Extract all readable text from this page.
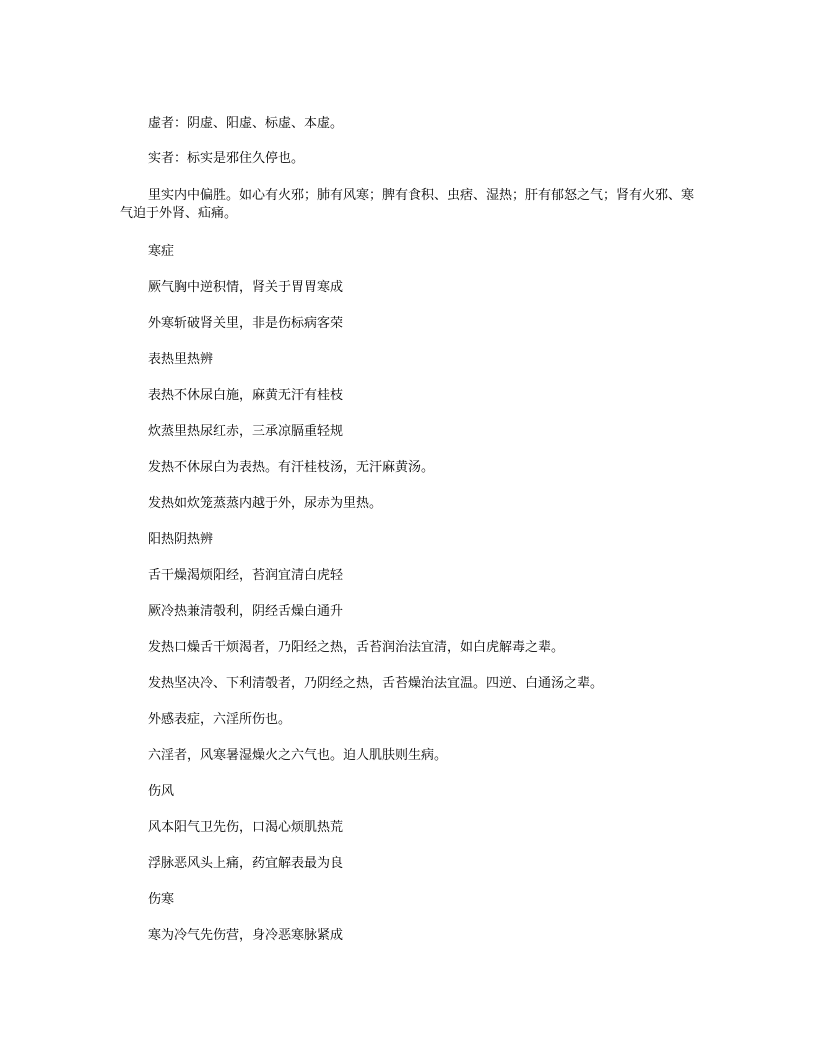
虚者：阴虚、阳虚、标虚、本虚。

实者：标实是邪住久停也。

里实内中偏胜。如心有火邪；肺有风寒；脾有食积、虫痞、湿热；肝有郁怒之气；肾有火邪、寒气迫于外肾、疝痛。

寒症

厥气胸中逆积情，肾关于胃胃寒成

外寒斩破肾关里，非是伤标病客荣

表热里热辨

表热不休尿白施，麻黄无汗有桂枝

炊蒸里热尿红赤，三承凉膈重轻规

发热不休尿白为表热。有汗桂枝汤，无汗麻黄汤。

发热如炊笼蒸蒸内越于外，尿赤为里热。

阳热阴热辨

舌干燥渴烦阳经，苔润宜清白虎轻

厥冷热兼清彀利，阴经舌燥白通升

发热口燥舌干烦渴者，乃阳经之热，舌苔润治法宜清，如白虎解毒之辈。

发热坚决冷、下利清彀者，乃阴经之热，舌苔燥治法宜温。四逆、白通汤之辈。

外感表症，六淫所伤也。

六淫者，风寒暑湿燥火之六气也。迫人肌肤则生病。

伤风

风本阳气卫先伤，口渴心烦肌热荒

浮脉恶风头上痛，药宜解表最为良

伤寒

寒为冷气先伤营，身冷恶寒脉紧成
